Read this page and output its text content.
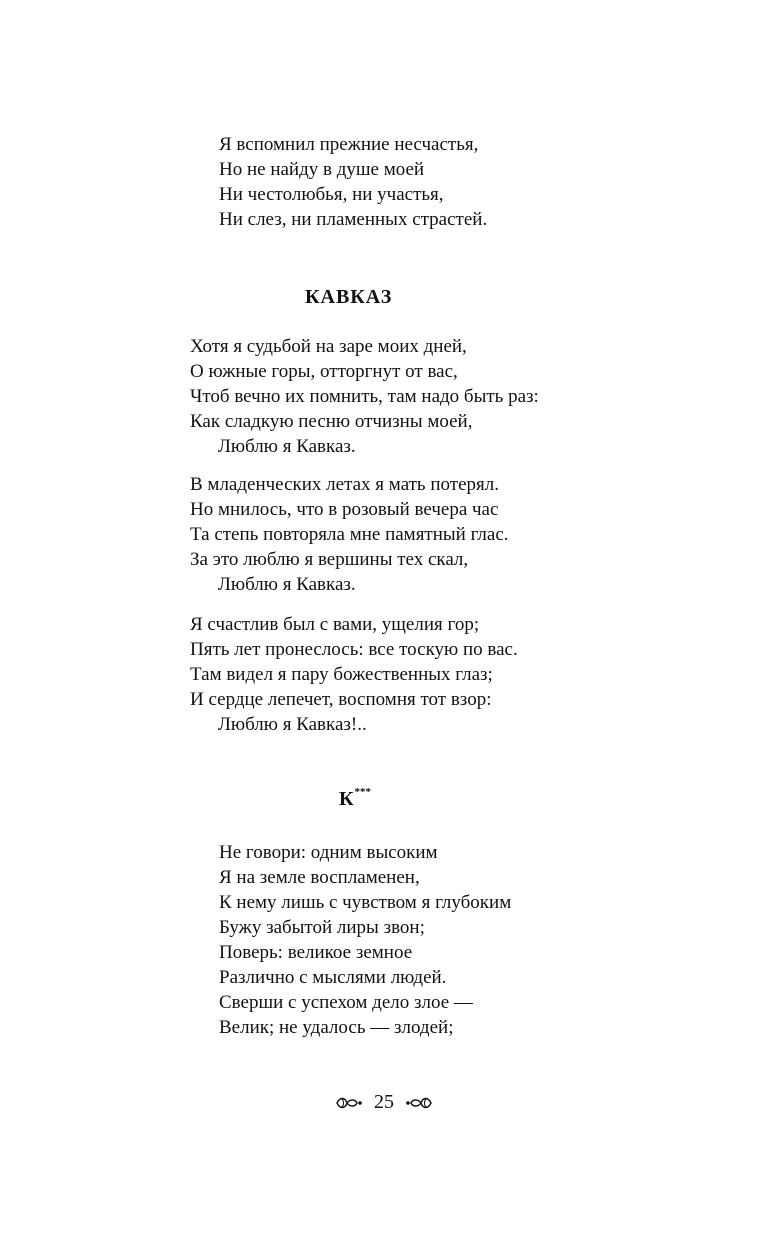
Я вспомнил прежние несчастья,
Но не найду в душе моей
Ни честолюбья, ни участья,
Ни слез, ни пламенных страстей.
КАВКАЗ
Хотя я судьбой на заре моих дней,
О южные горы, отторгнут от вас,
Чтоб вечно их помнить, там надо быть раз:
Как сладкую песню отчизны моей,
Люблю я Кавказ.
В младенческих летах я мать потерял.
Но мнилось, что в розовый вечера час
Та степь повторяла мне памятный глас.
За это люблю я вершины тех скал,
Люблю я Кавказ.
Я счастлив был с вами, ущелия гор;
Пять лет пронеслось: все тоскую по вас.
Там видел я пару божественных глаз;
И сердце лепечет, воспомня тот взор:
Люблю я Кавказ!..
К***
Не говори: одним высоким
Я на земле воспламенен,
К нему лишь с чувством я глубоким
Бужу забытой лиры звон;
Поверь: великое земное
Различно с мыслями людей.
Сверши с успехом дело злое —
Велик; не удалось — злодей;
25
